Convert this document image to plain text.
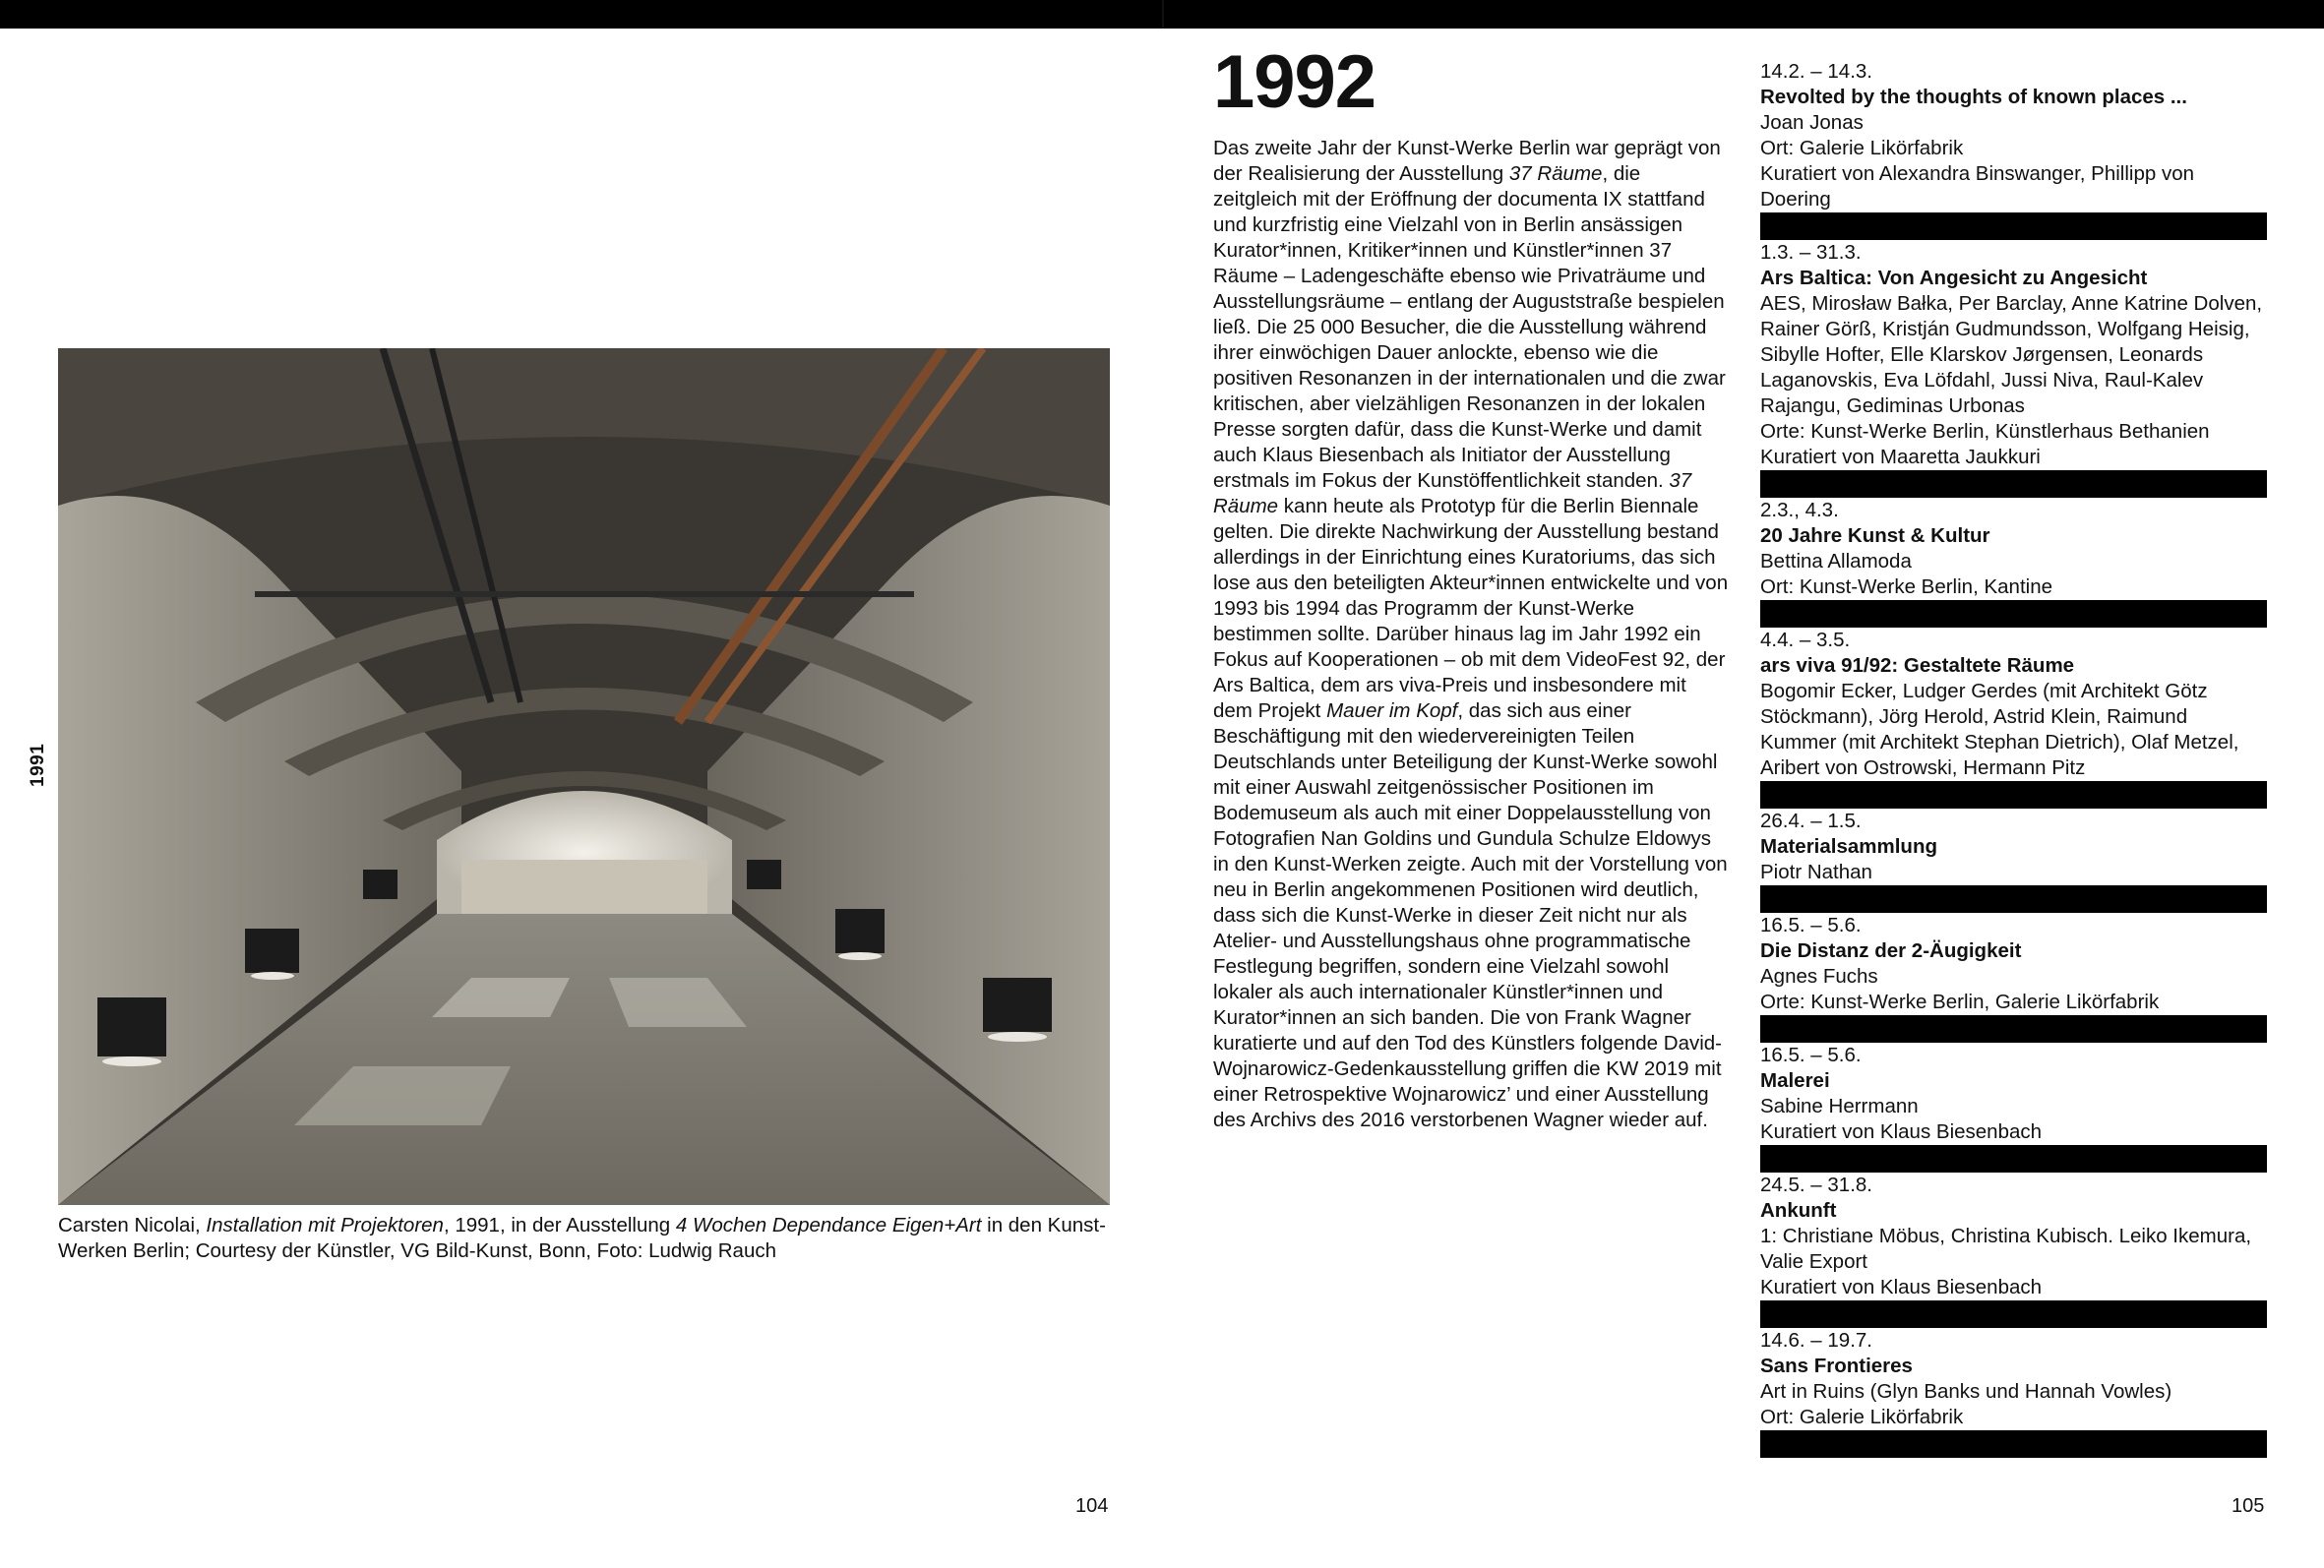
1991
Carsten Nicolai, Installation mit Projektoren, 1991, in der Ausstellung 4 Wochen Dependance Eigen+Art in den Kunst-Werken Berlin; Courtesy der Künstler, VG Bild-Kunst, Bonn, Foto: Ludwig Rauch
104
1992
Das zweite Jahr der Kunst-Werke Berlin war geprägt von der Realisierung der Ausstellung 37 Räume, die zeitgleich mit der Eröffnung der documenta IX stattfand und kurzfristig eine Vielzahl von in Berlin ansässigen Kurator*innen, Kritiker*innen und Künstler*innen 37 Räume – Ladengeschäfte ebenso wie Privaträume und Ausstellungsräume – entlang der Auguststraße bespielen ließ. Die 25 000 Besucher, die die Ausstellung während ihrer einwöchigen Dauer anlockte, ebenso wie die positiven Resonanzen in der internationalen und die zwar kritischen, aber vielzähligen Resonanzen in der lokalen Presse sorgten dafür, dass die Kunst-Werke und damit auch Klaus Biesenbach als Initiator der Ausstellung erstmals im Fokus der Kunstöffentlichkeit standen. 37 Räume kann heute als Prototyp für die Berlin Biennale gelten. Die direkte Nachwirkung der Ausstellung bestand allerdings in der Einrichtung eines Kuratoriums, das sich lose aus den beteiligten Akteur*innen entwickelte und von 1993 bis 1994 das Programm der Kunst-Werke bestimmen sollte. Darüber hinaus lag im Jahr 1992 ein Fokus auf Kooperationen – ob mit dem VideoFest 92, der Ars Baltica, dem ars viva-Preis und insbesondere mit dem Projekt Mauer im Kopf, das sich aus einer Beschäftigung mit den wiedervereinigten Teilen Deutschlands unter Beteiligung der Kunst-Werke sowohl mit einer Auswahl zeitgenössischer Positionen im Bodemuseum als auch mit einer Doppelausstellung von Fotografien Nan Goldins und Gundula Schulze Eldowys in den Kunst-Werken zeigte. Auch mit der Vorstellung von neu in Berlin angekommenen Positionen wird deutlich, dass sich die Kunst-Werke in dieser Zeit nicht nur als Atelier- und Ausstellungshaus ohne programmatische Festlegung begriffen, sondern eine Vielzahl sowohl lokaler als auch internationaler Künstler*innen und Kurator*innen an sich banden. Die von Frank Wagner kuratierte und auf den Tod des Künstlers folgende David-Wojnarowicz-Gedenkausstellung griffen die KW 2019 mit einer Retrospektive Wojnarowicz’ und einer Ausstellung des Archivs des 2016 verstorbenen Wagner wieder auf.
14.2. – 14.3.
Revolted by the thoughts of known places ...
Joan Jonas
Ort: Galerie Likörfabrik
Kuratiert von Alexandra Binswanger, Phillipp von Doering
1.3. – 31.3.
Ars Baltica: Von Angesicht zu Angesicht
AES, Mirosław Bałka, Per Barclay, Anne Katrine Dolven, Rainer Görß, Kristján Gudmundsson, Wolfgang Heisig, Sibylle Hofter, Elle Klarskov Jørgensen, Leonards Laganovskis, Eva Löfdahl, Jussi Niva, Raul-Kalev Rajangu, Gediminas Urbonas
Orte: Kunst-Werke Berlin, Künstlerhaus Bethanien
Kuratiert von Maaretta Jaukkuri
2.3., 4.3.
20 Jahre Kunst & Kultur
Bettina Allamoda
Ort: Kunst-Werke Berlin, Kantine
4.4. – 3.5.
ars viva 91/92: Gestaltete Räume
Bogomir Ecker, Ludger Gerdes (mit Architekt Götz Stöckmann), Jörg Herold, Astrid Klein, Raimund Kummer (mit Architekt Stephan Dietrich), Olaf Metzel, Aribert von Ostrowski, Hermann Pitz
26.4. – 1.5.
Materialsammlung
Piotr Nathan
16.5. – 5.6.
Die Distanz der 2-Äugigkeit
Agnes Fuchs
Orte: Kunst-Werke Berlin, Galerie Likörfabrik
16.5. – 5.6.
Malerei
Sabine Herrmann
Kuratiert von Klaus Biesenbach
24.5. – 31.8.
Ankunft
1: Christiane Möbus, Christina Kubisch. Leiko Ikemura, Valie Export
Kuratiert von Klaus Biesenbach
14.6. – 19.7.
Sans Frontieres
Art in Ruins (Glyn Banks und Hannah Vowles)
Ort: Galerie Likörfabrik
105
